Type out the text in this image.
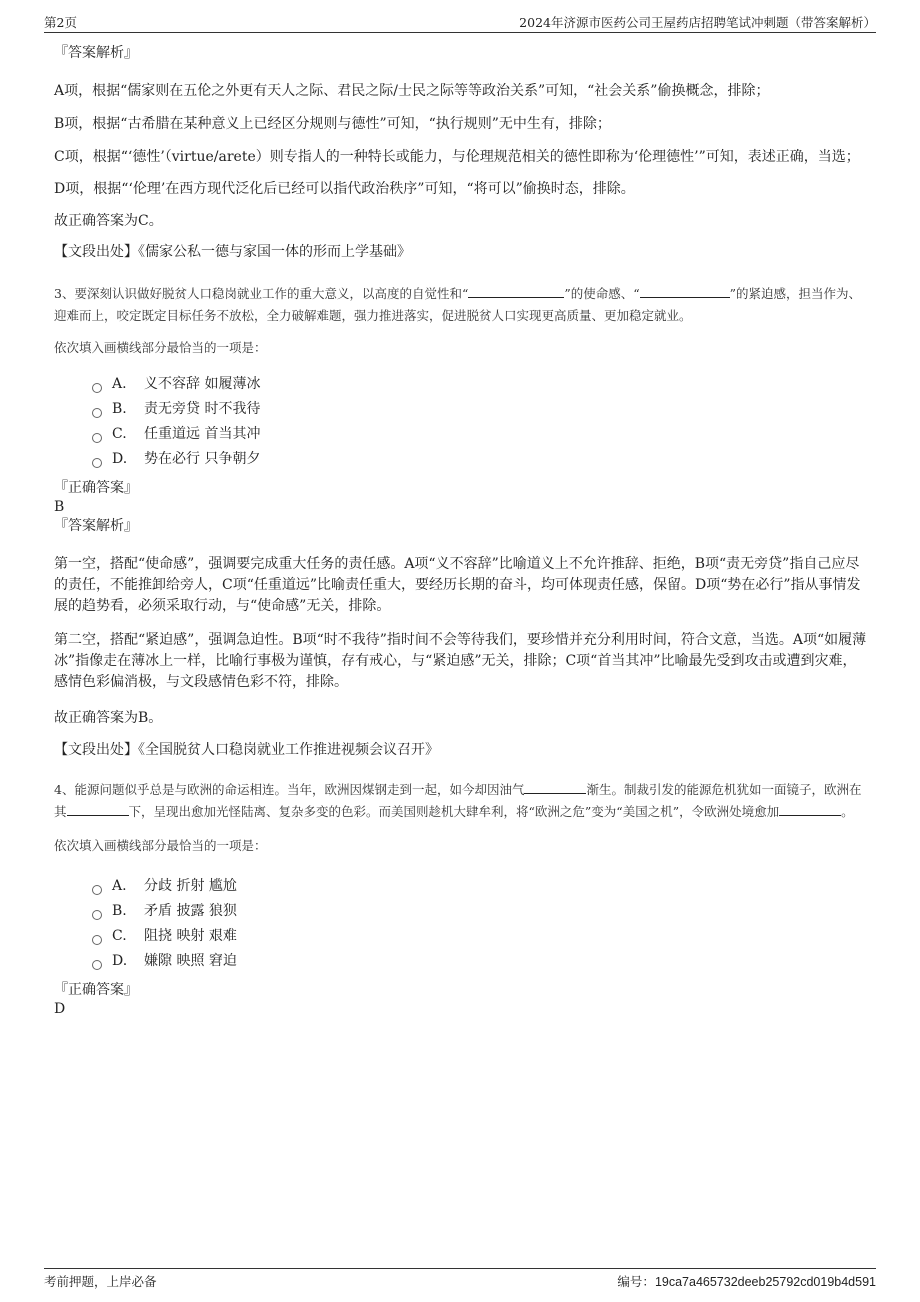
第2页	2024年济源市医药公司王屋药店招聘笔试冲刺题（带答案解析）
​

『答案解析』

A项，根据“儒家则在五伦之外更有天人之际、君民之际/士民之际等等政治关系”可知，“社会关系”偷换概念，排除；

B项，根据“古希腊在某种意义上已经区分规则与德性”可知，“执行规则”无中生有，排除；

C项，根据“‘德性’（virtue/arete）则专指人的一种特长或能力，与伦理规范相关的德性即称为‘伦理德性’”可知，表述正确，当选；

D项，根据“‘伦理’在西方现代泛化后已经可以指代政治秩序”可知，“将可以”偷换时态，排除。

故正确答案为C。

【文段出处】《儒家公私一德与家国一体的形而上学基础》

3、要深刻认识做好脱贫人口稳岗就业工作的重大意义，以高度的自觉性和“	”的使命感、“	”的紧迫感，担当作为、迎难而上，咬定既定目标任务不放松，全力破解难题，强力推进落实，促进脱贫人口实现更高质量、更加稳定就业。

依次填入画横线部分最恰当的一项是：

A.	义不容辞 如履薄冰
B.	责无旁贷 时不我待
C.	任重道远 首当其冲
D.	势在必行 只争朝夕

『正确答案』

B

『答案解析』

第一空，搭配“使命感”，强调要完成重大任务的责任感。A项“义不容辞”比喻道义上不允许推辞、拒绝，B项“责无旁贷”指自己应尽的责任，不能推卸给旁人，C项“任重道远”比喻责任重大，要经历长期的奋斗，均可体现责任感，保留。D项“势在必行”指从事情发展的趋势看，必须采取行动，与“使命感”无关，排除。

第二空，搭配“紧迫感”，强调急迫性。B项“时不我待”指时间不会等待我们，要珍惜并充分利用时间，符合文意，当选。A项“如履薄冰”指像走在薄冰上一样，比喻行事极为谨慎，存有戒心，与“紧迫感”无关，排除；C项“首当其冲”比喻最先受到攻击或遭到灾难，感情色彩偏消极，与文段感情色彩不符，排除。

故正确答案为B。

【文段出处】《全国脱贫人口稳岗就业工作推进视频会议召开》

4、能源问题似乎总是与欧洲的命运相连。当年，欧洲因煤钢走到一起，如今却因油气	渐生。制裁引发的能源危机犹如一面镜子，欧洲在其	下，呈现出愈加光怪陆离、复杂多变的色彩。而美国则趁机大肆牟利，将“欧洲之危”变为“美国之机”，令欧洲处境愈加	。

依次填入画横线部分最恰当的一项是：

A.	分歧 折射 尴尬
B.	矛盾 披露 狼狈
C.	阻挠 映射 艰难
D.	嫌隙 映照 窘迫

『正确答案』

D

考前押题，上岸必备	编号：19ca7a465732deeb25792cd019b4d591
